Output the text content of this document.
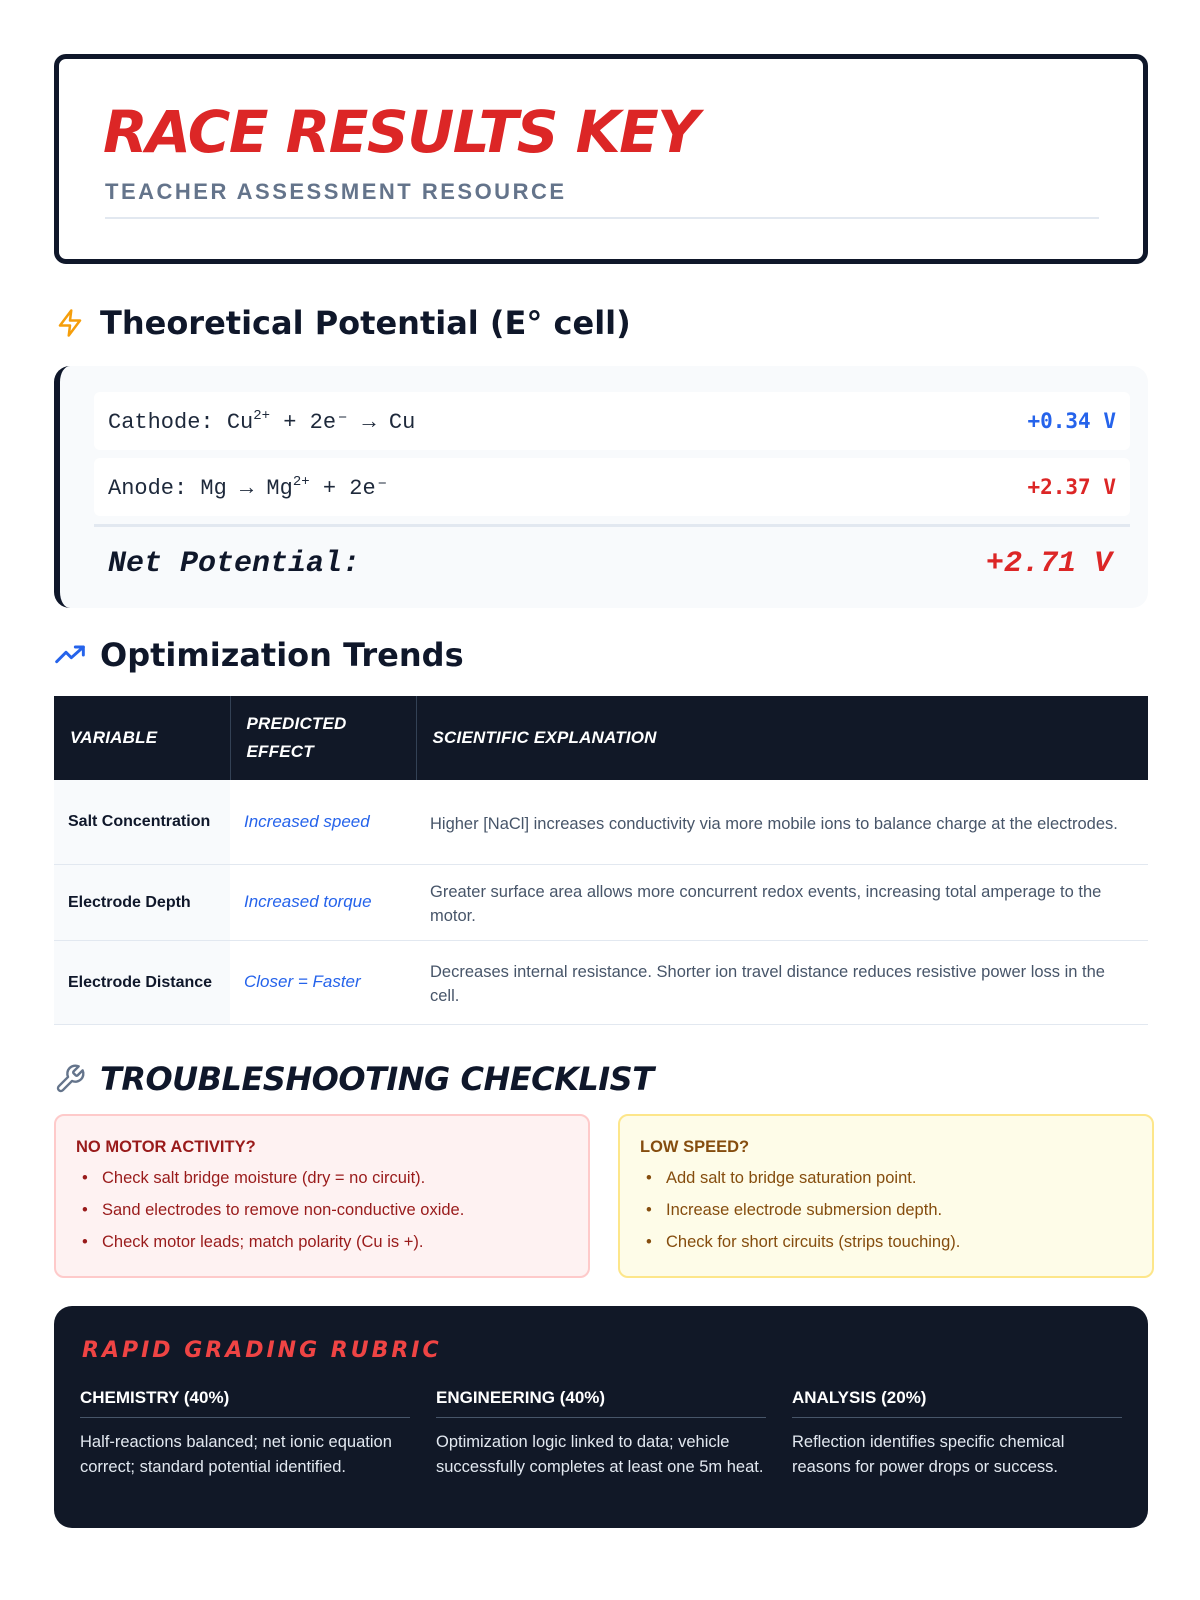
RACE RESULTS KEY
TEACHER ASSESSMENT RESOURCE
Theoretical Potential (E° cell)
Cathode: $Cu^{2+} + 2e^- \to Cu$	+0.34 V
Anode: $Mg \to Mg^{2+} + 2e^-$	+2.37 V
Net Potential:	+2.71 V
Optimization Trends
VARIABLE	PREDICTED EFFECT	SCIENTIFIC EXPLANATION
Salt Concentration	Increased speed	Higher [NaCl] increases conductivity via more mobile ions to balance charge at the electrodes.
Electrode Depth	Increased torque	Greater surface area allows more concurrent redox events, increasing total amperage to the motor.
Electrode Distance	Closer = Faster	Decreases internal resistance. Shorter ion travel distance reduces resistive power loss in the cell.
TROUBLESHOOTING CHECKLIST
NO MOTOR ACTIVITY?
• Check salt bridge moisture (dry = no circuit).
• Sand electrodes to remove non-conductive oxide.
• Check motor leads; match polarity (Cu is +).
LOW SPEED?
• Add salt to bridge saturation point.
• Increase electrode submersion depth.
• Check for short circuits (strips touching).
RAPID GRADING RUBRIC
CHEMISTRY (40%)
Half-reactions balanced; net ionic equation correct; standard potential identified.
ENGINEERING (40%)
Optimization logic linked to data; vehicle successfully completes at least one 5m heat.
ANALYSIS (20%)
Reflection identifies specific chemical reasons for power drops or success.
